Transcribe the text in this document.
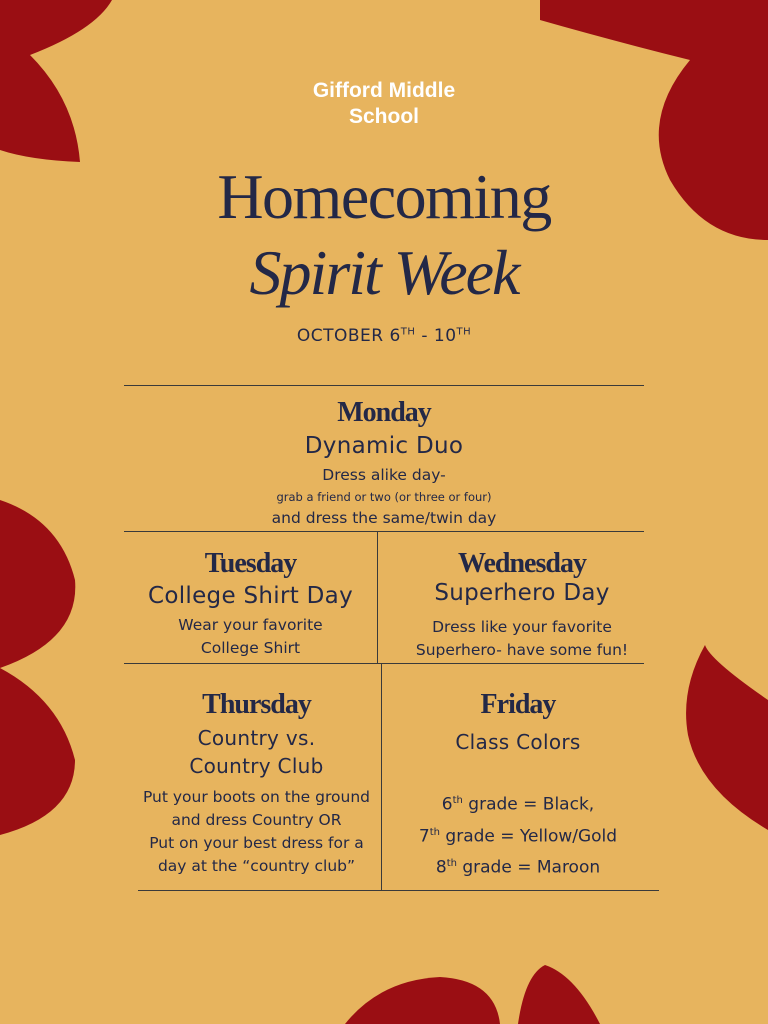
Gifford Middle
School
Homecoming
Spirit Week
OCTOBER 6TH - 10TH
Monday
Dynamic Duo
Dress alike day-
grab a friend or two (or three or four)
and dress the same/twin day
Tuesday
College Shirt Day
Wear your favorite
College Shirt
Wednesday
Superhero Day
Dress like your favorite
Superhero- have some fun!
Thursday
Country vs.
Country Club
Put your boots on the ground
and dress Country OR
Put on your best dress for a
day at the “country club”
Friday
Class Colors
6th grade = Black,
7th grade = Yellow/Gold
8th grade = Maroon
